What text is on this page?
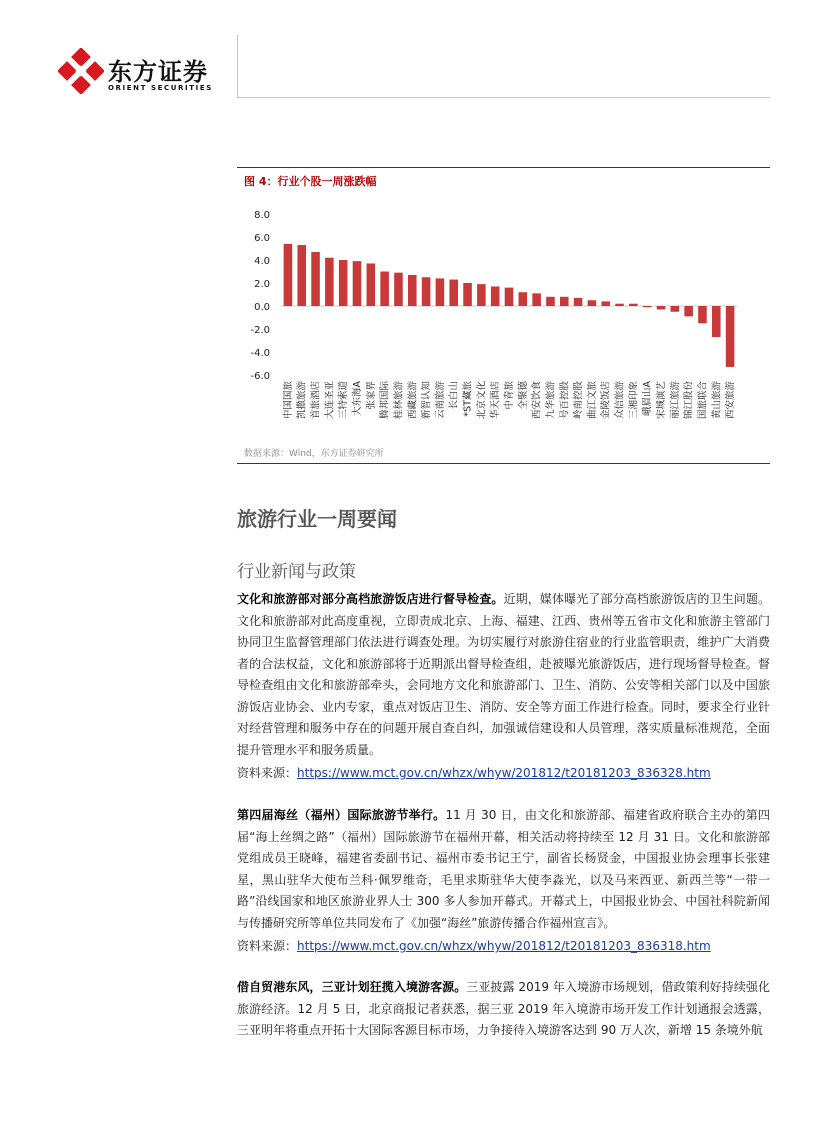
东方证券
ORIENT SECURITIES
图 4：行业个股一周涨跌幅
8.0
6.0
4.0
2.0
0.0
-2.0
-4.0
-6.0
中国国旅 凯撒旅游 首旅酒店 大连圣亚 三特索道 大东海A 张家界 腾邦国际 桂林旅游 西藏旅游 新智认知 云南旅游 长白山 *ST藏旅 北京文化 华天酒店 中青旅 全聚德 西安饮食 九华旅游 号百控股 岭南控股 曲江文旅 金陵饭店 众信旅游 三湘印象 峨眉山A 宋城演艺 丽江旅游 锦江股份 国旅联合 黄山旅游 西安旅游
数据来源：Wind，东方证券研究所
旅游行业一周要闻
行业新闻与政策
文化和旅游部对部分高档旅游饭店进行督导检查。近期，媒体曝光了部分高档旅游饭店的卫生问题。文化和旅游部对此高度重视，立即责成北京、上海、福建、江西、贵州等五省市文化和旅游主管部门协同卫生监督管理部门依法进行调查处理。为切实履行对旅游住宿业的行业监管职责，维护广大消费者的合法权益，文化和旅游部将于近期派出督导检查组，赴被曝光旅游饭店，进行现场督导检查。督导检查组由文化和旅游部牵头，会同地方文化和旅游部门、卫生、消防、公安等相关部门以及中国旅游饭店业协会、业内专家，重点对饭店卫生、消防、安全等方面工作进行检查。同时，要求全行业针对经营管理和服务中存在的问题开展自查自纠，加强诚信建设和人员管理，落实质量标准规范，全面提升管理水平和服务质量。
资料来源：https://www.mct.gov.cn/whzx/whyw/201812/t20181203_836328.htm
第四届海丝（福州）国际旅游节举行。11 月 30 日，由文化和旅游部、福建省政府联合主办的第四届“海上丝绸之路”（福州）国际旅游节在福州开幕，相关活动将持续至 12 月 31 日。文化和旅游部党组成员王晓峰，福建省委副书记、福州市委书记王宁，副省长杨贤金，中国报业协会理事长张建星，黑山驻华大使布兰科·佩罗维奇，毛里求斯驻华大使李淼光，以及马来西亚、新西兰等“一带一路”沿线国家和地区旅游业界人士 300 多人参加开幕式。开幕式上，中国报业协会、中国社科院新闻与传播研究所等单位共同发布了《加强“海丝”旅游传播合作福州宣言》。
资料来源：https://www.mct.gov.cn/whzx/whyw/201812/t20181203_836318.htm
借自贸港东风，三亚计划狂揽入境游客源。三亚披露 2019 年入境游市场规划，借政策利好持续强化旅游经济。12 月 5 日，北京商报记者获悉，据三亚 2019 年入境游市场开发工作计划通报会透露，三亚明年将重点开拓十大国际客源目标市场，力争接待入境游客达到 90 万人次，新增 15 条境外航
